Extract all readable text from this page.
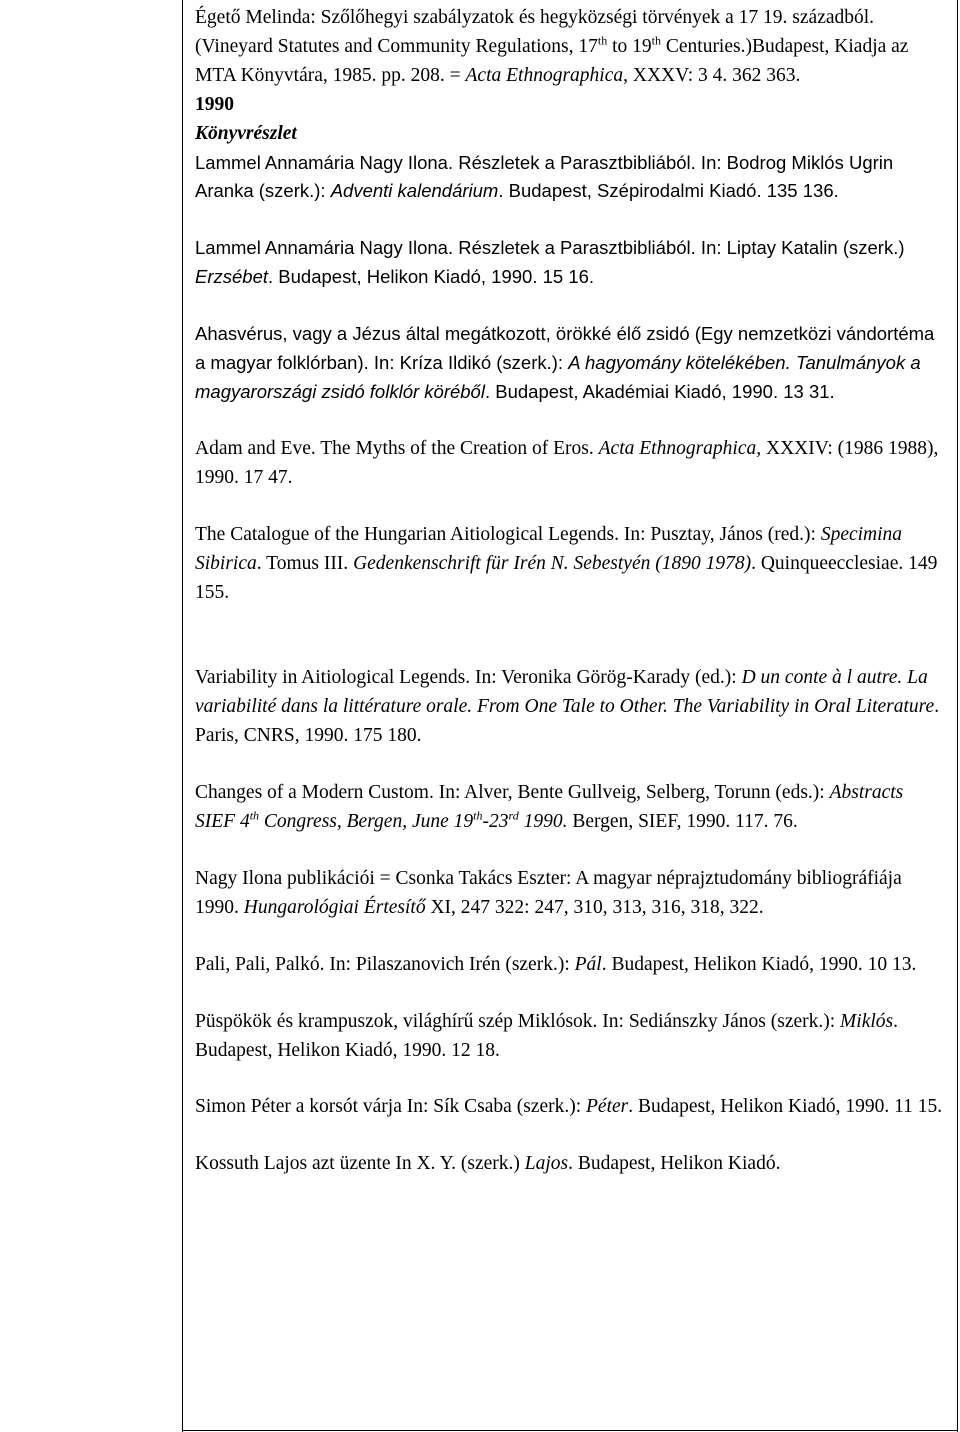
Égető Melinda: Szőlőhegyi szabályzatok és hegyközségi törvények a 17 19. századból. (Vineyard Statutes and Community Regulations, 17th to 19th Centuries.)Budapest, Kiadja az MTA Könyvtára, 1985. pp. 208. = Acta Ethnographica, XXXV: 3 4. 362 363.

1990

Könyvrészlet

Lammel Annamária Nagy Ilona. Részletek a Parasztbibliából. In: Bodrog Miklós Ugrin Aranka (szerk.): Adventi kalendárium. Budapest, Szépirodalmi Kiadó. 135 136.

Lammel Annamária Nagy Ilona. Részletek a Parasztbibliából. In: Liptay Katalin (szerk.) Erzsébet. Budapest, Helikon Kiadó, 1990. 15 16.

Ahasvérus, vagy a Jézus által megátkozott, örökké élő zsidó (Egy nemzetközi vándortéma a magyar folklórban). In: Kríza Ildikó (szerk.): A hagyomány kötelékében. Tanulmányok a magyarországi zsidó folklór köréből. Budapest, Akadémiai Kiadó, 1990. 13 31.

Adam and Eve. The Myths of the Creation of Eros. Acta Ethnographica, XXXIV: (1986 1988), 1990. 17 47.

The Catalogue of the Hungarian Aitiological Legends. In: Pusztay, János (red.): Specimina Sibirica. Tomus III. Gedenkenschrift für Irén N. Sebestyén (1890 1978). Quinqueecclesiae. 149 155.

Variability in Aitiological Legends. In: Veronika Görög-Karady (ed.): D un conte à l autre. La variabilité dans la littérature orale. From One Tale to Other. The Variability in Oral Literature. Paris, CNRS, 1990. 175 180.

Changes of a Modern Custom. In: Alver, Bente Gullveig, Selberg, Torunn (eds.): Abstracts SIEF 4th Congress, Bergen, June 19th-23rd 1990. Bergen, SIEF, 1990. 117. 76.

Nagy Ilona publikációi = Csonka Takács Eszter: A magyar néprajztudomány bibliográfiája 1990. Hungarológiai Értesítő XI, 247 322: 247, 310, 313, 316, 318, 322.

Pali, Pali, Palkó. In: Pilaszanovich Irén (szerk.): Pál. Budapest, Helikon Kiadó, 1990. 10 13.

Püspökök és krampuszok, világhírű szép Miklósok. In: Sediánszky János (szerk.): Miklós. Budapest, Helikon Kiadó, 1990. 12 18.

Simon Péter a korsót várja In: Sík Csaba (szerk.): Péter. Budapest, Helikon Kiadó, 1990. 11 15.

Kossuth Lajos azt üzente In X. Y. (szerk.) Lajos. Budapest, Helikon Kiadó.
